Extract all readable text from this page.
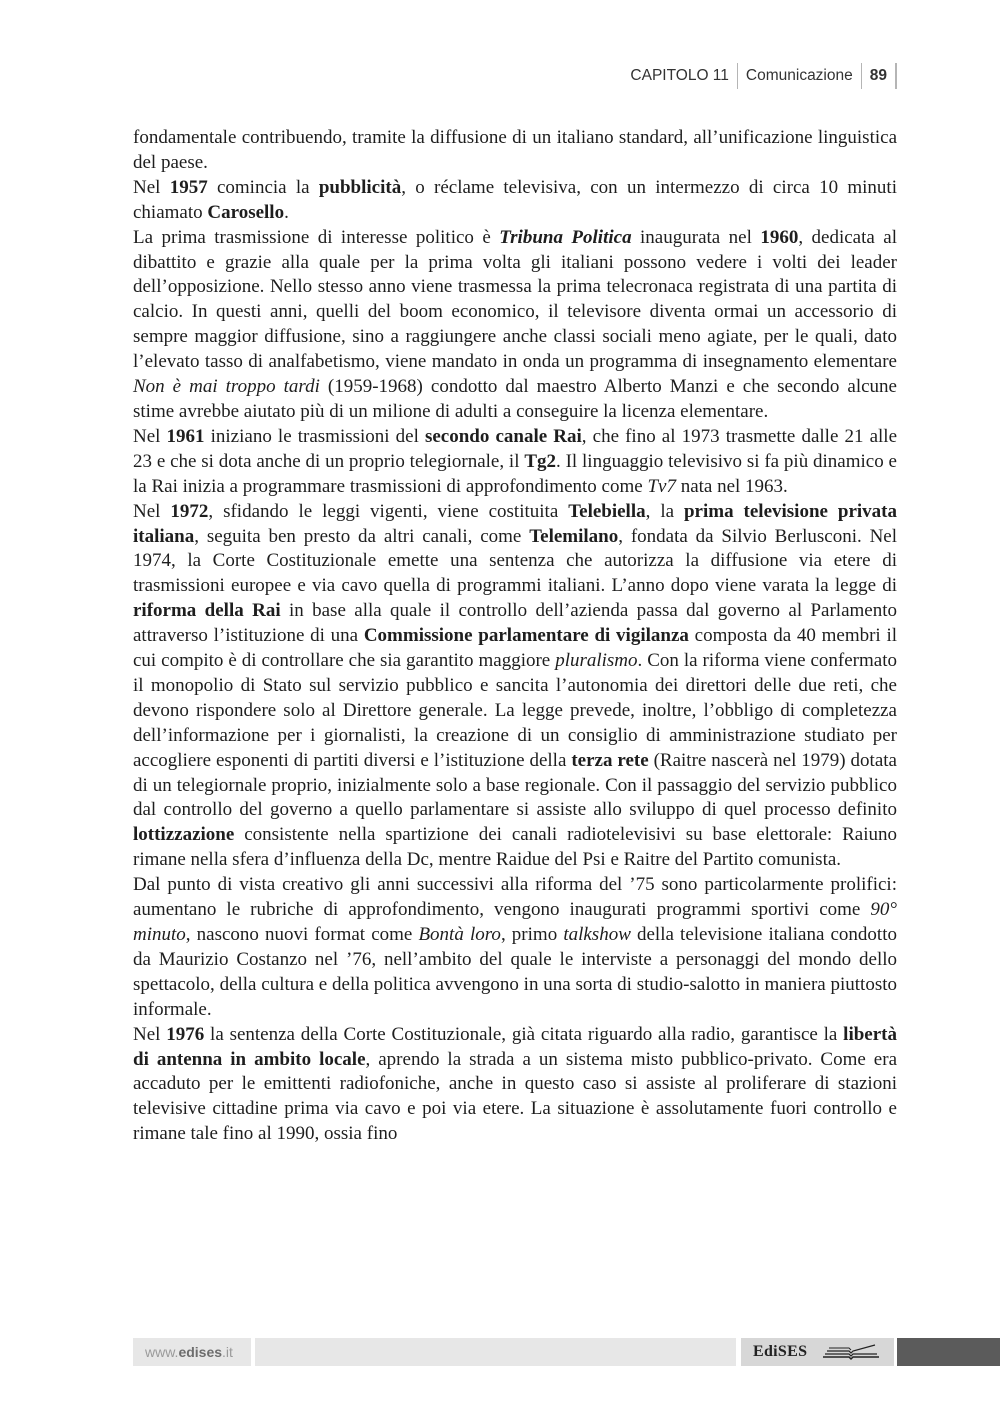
CAPITOLO 11 Comunicazione 89

fondamentale contribuendo, tramite la diffusione di un italiano standard, all’unificazione linguistica del paese.

Nel 1957 comincia la pubblicità, o réclame televisiva, con un intermezzo di circa 10 minuti chiamato Carosello.

La prima trasmissione di interesse politico è Tribuna Politica inaugurata nel 1960, dedicata al dibattito e grazie alla quale per la prima volta gli italiani possono vedere i volti dei leader dell’opposizione. Nello stesso anno viene trasmessa la prima telecronaca registrata di una partita di calcio. In questi anni, quelli del boom economico, il televisore diventa ormai un accessorio di sempre maggior diffusione, sino a raggiungere anche classi sociali meno agiate, per le quali, dato l’elevato tasso di analfabetismo, viene mandato in onda un programma di insegnamento elementare Non è mai troppo tardi (1959-1968) condotto dal maestro Alberto Manzi e che secondo alcune stime avrebbe aiutato più di un milione di adulti a conseguire la licenza elementare.

Nel 1961 iniziano le trasmissioni del secondo canale Rai, che fino al 1973 trasmette dalle 21 alle 23 e che si dota anche di un proprio telegiornale, il Tg2. Il linguaggio televisivo si fa più dinamico e la Rai inizia a programmare trasmissioni di approfondimento come Tv7 nata nel 1963.

Nel 1972, sfidando le leggi vigenti, viene costituita Telebiella, la prima televisione privata italiana, seguita ben presto da altri canali, come Telemilano, fondata da Silvio Berlusconi. Nel 1974, la Corte Costituzionale emette una sentenza che autorizza la diffusione via etere di trasmissioni europee e via cavo quella di programmi italiani. L’anno dopo viene varata la legge di riforma della Rai in base alla quale il controllo dell’azienda passa dal governo al Parlamento attraverso l’istituzione di una Commissione parlamentare di vigilanza composta da 40 membri il cui compito è di controllare che sia garantito maggiore pluralismo. Con la riforma viene confermato il monopolio di Stato sul servizio pubblico e sancita l’autonomia dei direttori delle due reti, che devono rispondere solo al Direttore generale. La legge prevede, inoltre, l’obbligo di completezza dell’informazione per i giornalisti, la creazione di un consiglio di amministrazione studiato per accogliere esponenti di partiti diversi e l’istituzione della terza rete (Raitre nascerà nel 1979) dotata di un telegiornale proprio, inizialmente solo a base regionale. Con il passaggio del servizio pubblico dal controllo del governo a quello parlamentare si assiste allo sviluppo di quel processo definito lottizzazione consistente nella spartizione dei canali radiotelevisivi su base elettorale: Raiuno rimane nella sfera d’influenza della Dc, mentre Raidue del Psi e Raitre del Partito comunista.

Dal punto di vista creativo gli anni successivi alla riforma del ’75 sono particolarmente prolifici: aumentano le rubriche di approfondimento, vengono inaugurati programmi sportivi come 90° minuto, nascono nuovi format come Bontà loro, primo talkshow della televisione italiana condotto da Maurizio Costanzo nel ’76, nell’ambito del quale le interviste a personaggi del mondo dello spettacolo, della cultura e della politica avvengono in una sorta di studio-salotto in maniera piuttosto informale.

Nel 1976 la sentenza della Corte Costituzionale, già citata riguardo alla radio, garantisce la libertà di antenna in ambito locale, aprendo la strada a un sistema misto pubblico-privato. Come era accaduto per le emittenti radiofoniche, anche in questo caso si assiste al proliferare di stazioni televisive cittadine prima via cavo e poi via etere. La situazione è assolutamente fuori controllo e rimane tale fino al 1990, ossia fino

www. edises .it	EdiSES
